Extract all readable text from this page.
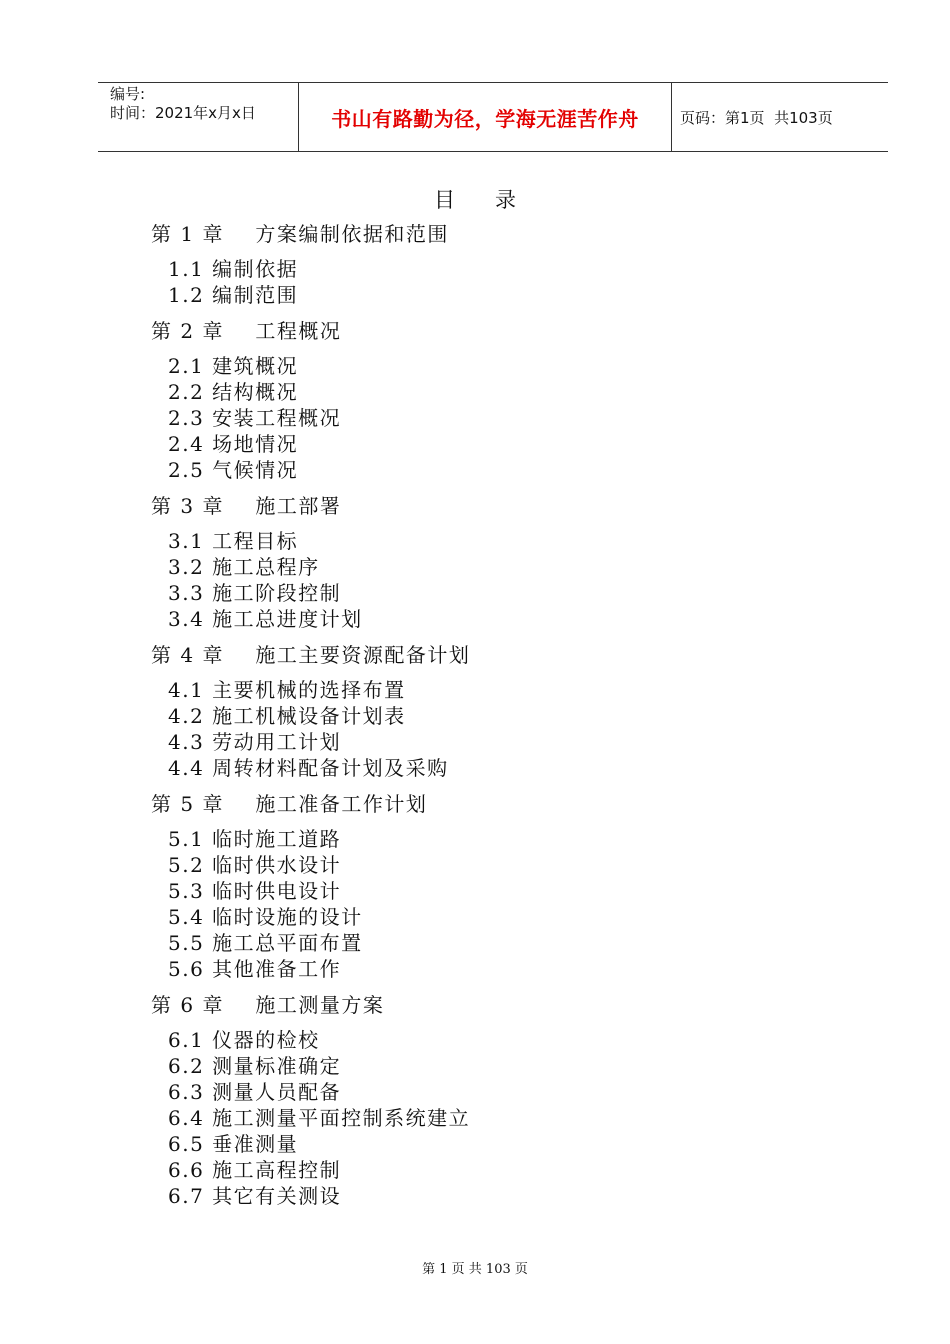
编号:
时间：2021年x月x日	书山有路勤为径，学海无涯苦作舟	页码：第1页  共103页
目      录
第 1 章    方案编制依据和范围
1.1 编制依据
1.2 编制范围
第 2 章    工程概况
2.1 建筑概况
2.2 结构概况
2.3 安装工程概况
2.4 场地情况
2.5 气候情况
第 3 章    施工部署
3.1 工程目标
3.2 施工总程序
3.3 施工阶段控制
3.4 施工总进度计划
第 4 章    施工主要资源配备计划
4.1 主要机械的选择布置
4.2 施工机械设备计划表
4.3 劳动用工计划
4.4 周转材料配备计划及采购
第 5 章    施工准备工作计划
5.1 临时施工道路
5.2 临时供水设计
5.3 临时供电设计
5.4 临时设施的设计
5.5 施工总平面布置
5.6 其他准备工作
第 6 章    施工测量方案
6.1 仪器的检校
6.2 测量标准确定
6.3 测量人员配备
6.4 施工测量平面控制系统建立
6.5 垂准测量
6.6 施工高程控制
6.7 其它有关测设
第 1 页 共 103 页
